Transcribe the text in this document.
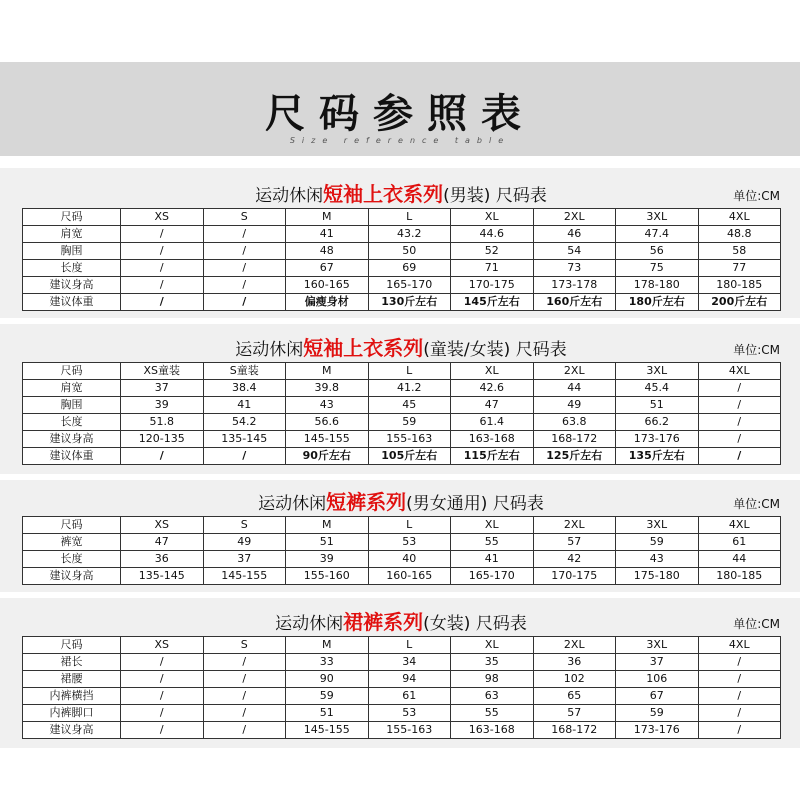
尺码参照表
Size reference table
运动休闲短袖上衣系列(男装) 尺码表	单位:CM
尺码	XS	S	M	L	XL	2XL	3XL	4XL
肩宽	/	/	41	43.2	44.6	46	47.4	48.8
胸围	/	/	48	50	52	54	56	58
长度	/	/	67	69	71	73	75	77
建议身高	/	/	160-165	165-170	170-175	173-178	178-180	180-185
建议体重	/	/	偏瘦身材	130斤左右	145斤左右	160斤左右	180斤左右	200斤左右
运动休闲短袖上衣系列(童装/女装) 尺码表	单位:CM
尺码	XS童装	S童装	M	L	XL	2XL	3XL	4XL
肩宽	37	38.4	39.8	41.2	42.6	44	45.4	/
胸围	39	41	43	45	47	49	51	/
长度	51.8	54.2	56.6	59	61.4	63.8	66.2	/
建议身高	120-135	135-145	145-155	155-163	163-168	168-172	173-176	/
建议体重	/	/	90斤左右	105斤左右	115斤左右	125斤左右	135斤左右	/
运动休闲短裤系列(男女通用) 尺码表	单位:CM
尺码	XS	S	M	L	XL	2XL	3XL	4XL
裤宽	47	49	51	53	55	57	59	61
长度	36	37	39	40	41	42	43	44
建议身高	135-145	145-155	155-160	160-165	165-170	170-175	175-180	180-185
运动休闲裙裤系列(女装) 尺码表	单位:CM
尺码	XS	S	M	L	XL	2XL	3XL	4XL
裙长	/	/	33	34	35	36	37	/
裙腰	/	/	90	94	98	102	106	/
内裤横挡	/	/	59	61	63	65	67	/
内裤脚口	/	/	51	53	55	57	59	/
建议身高	/	/	145-155	155-163	163-168	168-172	173-176	/
